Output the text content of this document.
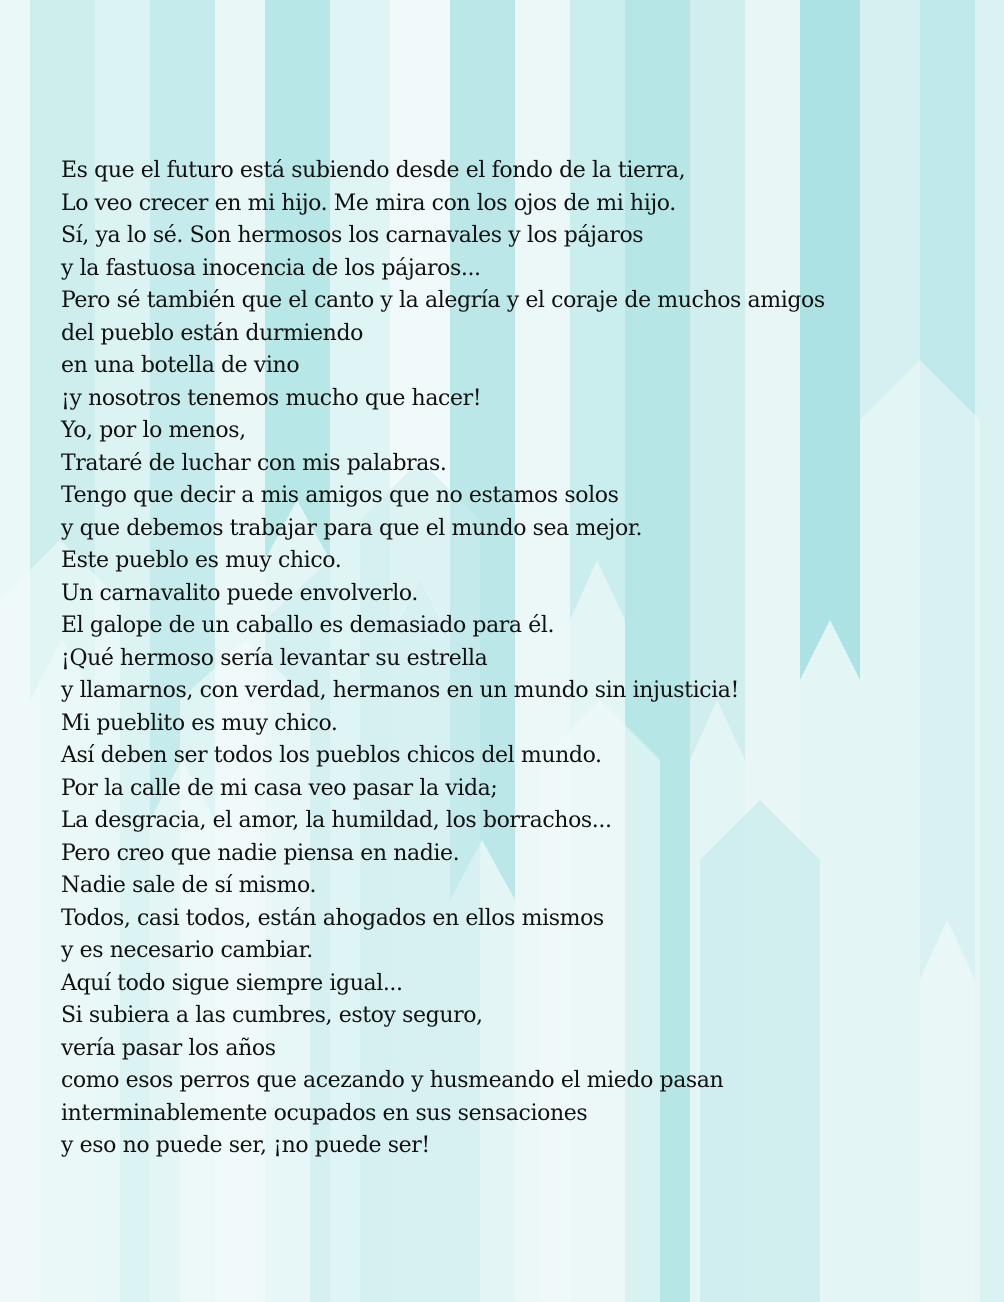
Es que el futuro está subiendo desde el fondo de la tierra,
Lo veo crecer en mi hijo. Me mira con los ojos de mi hijo.
Sí, ya lo sé. Son hermosos los carnavales y los pájaros
y la fastuosa inocencia de los pájaros...
Pero sé también que el canto y la alegría y el coraje de muchos amigos
del pueblo están durmiendo
en una botella de vino
¡y nosotros tenemos mucho que hacer!
Yo, por lo menos,
Trataré de luchar con mis palabras.
Tengo que decir a mis amigos que no estamos solos
y que debemos trabajar para que el mundo sea mejor.
Este pueblo es muy chico.
Un carnavalito puede envolverlo.
El galope de un caballo es demasiado para él.
¡Qué hermoso sería levantar su estrella
y llamarnos, con verdad, hermanos en un mundo sin injusticia!
Mi pueblito es muy chico.
Así deben ser todos los pueblos chicos del mundo.
Por la calle de mi casa veo pasar la vida;
La desgracia, el amor, la humildad, los borrachos...
Pero creo que nadie piensa en nadie.
Nadie sale de sí mismo.
Todos, casi todos, están ahogados en ellos mismos
y es necesario cambiar.
Aquí todo sigue siempre igual...
Si subiera a las cumbres, estoy seguro,
vería pasar los años
como esos perros que acezando y husmeando el miedo pasan
interminablemente ocupados en sus sensaciones
y eso no puede ser, ¡no puede ser!
